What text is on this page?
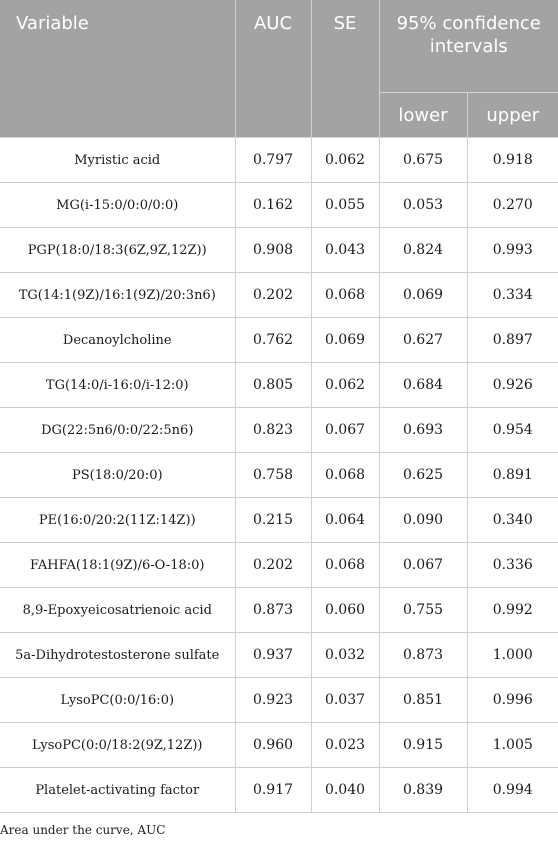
Variable	AUC	SE	95% confidence intervals	
			lower	upper
Myristic acid	0.797	0.062	0.675	0.918
MG(i-15:0/0:0/0:0)	0.162	0.055	0.053	0.270
PGP(18:0/18:3(6Z,9Z,12Z))	0.908	0.043	0.824	0.993
TG(14:1(9Z)/16:1(9Z)/20:3n6)	0.202	0.068	0.069	0.334
Decanoylcholine	0.762	0.069	0.627	0.897
TG(14:0/i-16:0/i-12:0)	0.805	0.062	0.684	0.926
DG(22:5n6/0:0/22:5n6)	0.823	0.067	0.693	0.954
PS(18:0/20:0)	0.758	0.068	0.625	0.891
PE(16:0/20:2(11Z:14Z))	0.215	0.064	0.090	0.340
FAHFA(18:1(9Z)/6-O-18:0)	0.202	0.068	0.067	0.336
8,9-Epoxyeicosatrienoic acid	0.873	0.060	0.755	0.992
5a-Dihydrotestosterone sulfate	0.937	0.032	0.873	1.000
LysoPC(0:0/16:0)	0.923	0.037	0.851	0.996
LysoPC(0:0/18:2(9Z,12Z))	0.960	0.023	0.915	1.005
Platelet-activating factor	0.917	0.040	0.839	0.994

Area under the curve, AUC
